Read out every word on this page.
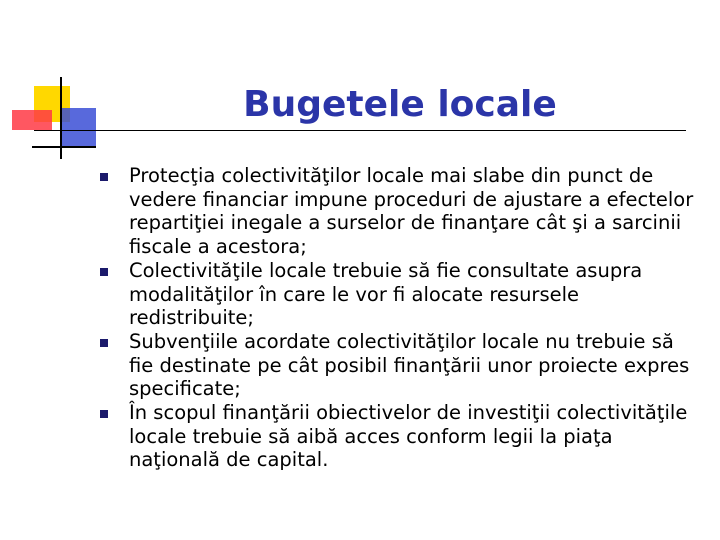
Bugetele locale
Protecţia colectivităţilor locale mai slabe din punct de vedere financiar impune proceduri de ajustare a efectelor repartiţiei inegale a surselor de finanţare cât şi a sarcinii fiscale a acestora;
Colectivităţile locale trebuie să fie consultate asupra modalităţilor în care le vor fi alocate resursele redistribuite;
Subvenţiile acordate colectivităţilor locale nu trebuie să fie destinate pe cât posibil finanţării unor proiecte expres specificate;
În scopul finanţării obiectivelor de investiţii colectivităţile locale trebuie să aibă acces conform legii la piaţa naţională de capital.
